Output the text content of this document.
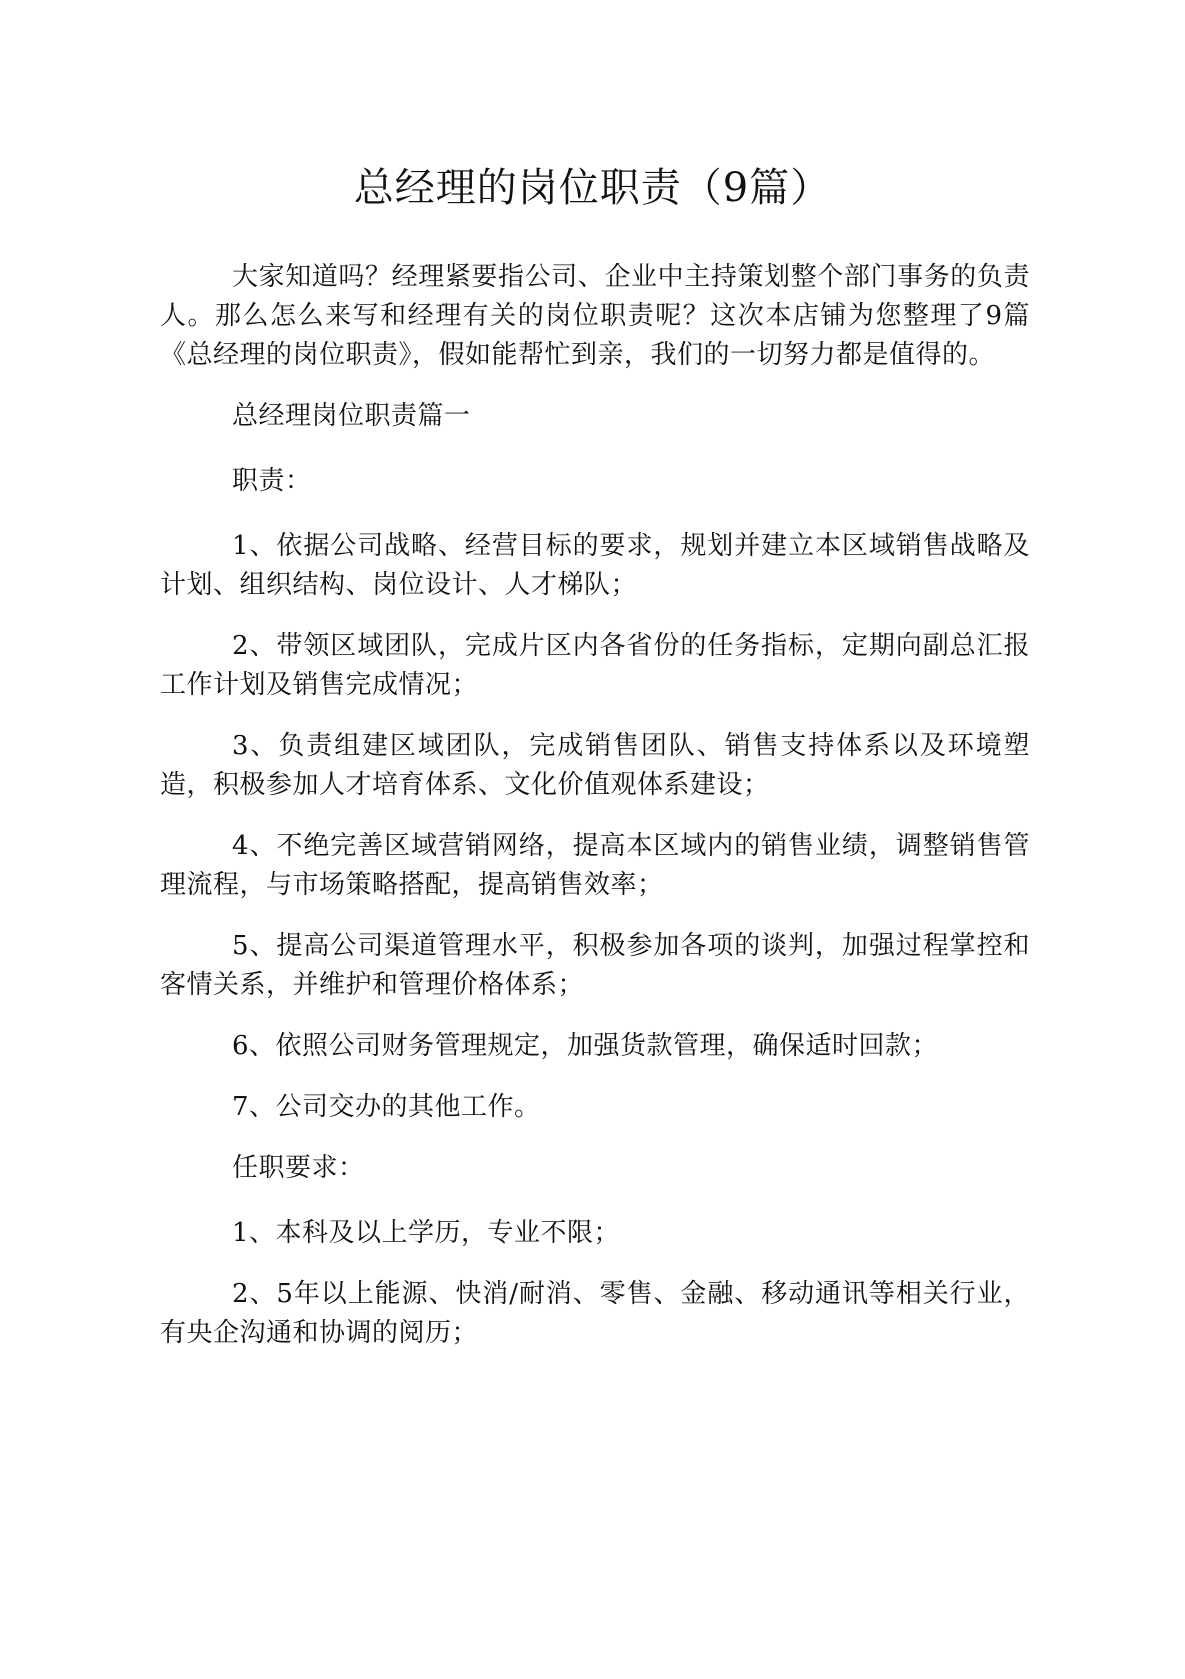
总经理的岗位职责（9篇）

大家知道吗？经理紧要指公司、企业中主持策划整个部门事务的负责人。那么怎么来写和经理有关的岗位职责呢？这次本店铺为您整理了9篇《总经理的岗位职责》，假如能帮忙到亲，我们的一切努力都是值得的。

总经理岗位职责篇一

职责：

1、依据公司战略、经营目标的要求，规划并建立本区域销售战略及计划、组织结构、岗位设计、人才梯队；

2、带领区域团队，完成片区内各省份的任务指标，定期向副总汇报工作计划及销售完成情况；

3、负责组建区域团队，完成销售团队、销售支持体系以及环境塑造，积极参加人才培育体系、文化价值观体系建设；

4、不绝完善区域营销网络，提高本区域内的销售业绩，调整销售管理流程，与市场策略搭配，提高销售效率；

5、提高公司渠道管理水平，积极参加各项的谈判，加强过程掌控和客情关系，并维护和管理价格体系；

6、依照公司财务管理规定，加强货款管理，确保适时回款；

7、公司交办的其他工作。

任职要求：

1、本科及以上学历，专业不限；

2、5年以上能源、快消/耐消、零售、金融、移动通讯等相关行业，有央企沟通和协调的阅历；
